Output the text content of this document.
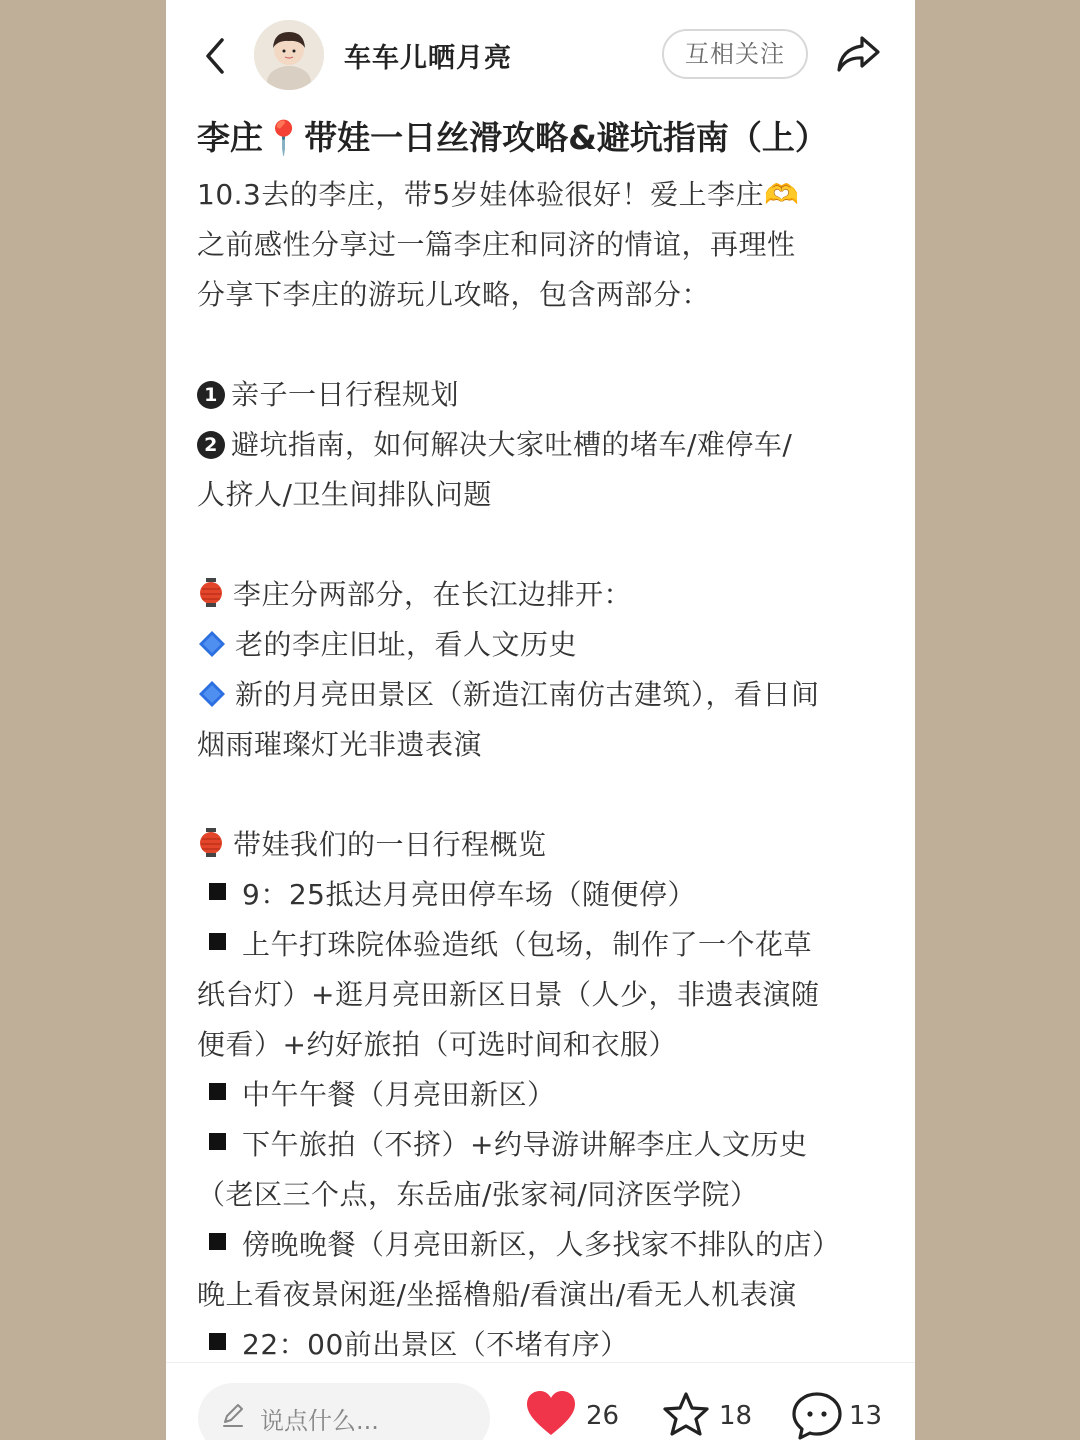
车车儿晒月亮	互相关注
李庄📍带娃一日丝滑攻略&避坑指南（上）
10.3去的李庄，带5岁娃体验很好！爱上李庄🫶
之前感性分享过一篇李庄和同济的情谊，再理性
分享下李庄的游玩儿攻略，包含两部分：
1 亲子一日行程规划
2 避坑指南，如何解决大家吐槽的堵车/难停车/
人挤人/卫生间排队问题
李庄分两部分，在长江边排开：
老的李庄旧址，看人文历史
新的月亮田景区（新造江南仿古建筑），看日间
烟雨璀璨灯光非遗表演
带娃我们的一日行程概览
9：25抵达月亮田停车场（随便停）
上午打珠院体验造纸（包场，制作了一个花草
纸台灯）+逛月亮田新区日景（人少，非遗表演随
便看）+约好旅拍（可选时间和衣服）
中午午餐（月亮田新区）
下午旅拍（不挤）+约导游讲解李庄人文历史
（老区三个点，东岳庙/张家祠/同济医学院）
傍晚晚餐（月亮田新区，人多找家不排队的店）
晚上看夜景闲逛/坐摇橹船/看演出/看无人机表演
22：00前出景区（不堵有序）
说点什么...	26	18	13
